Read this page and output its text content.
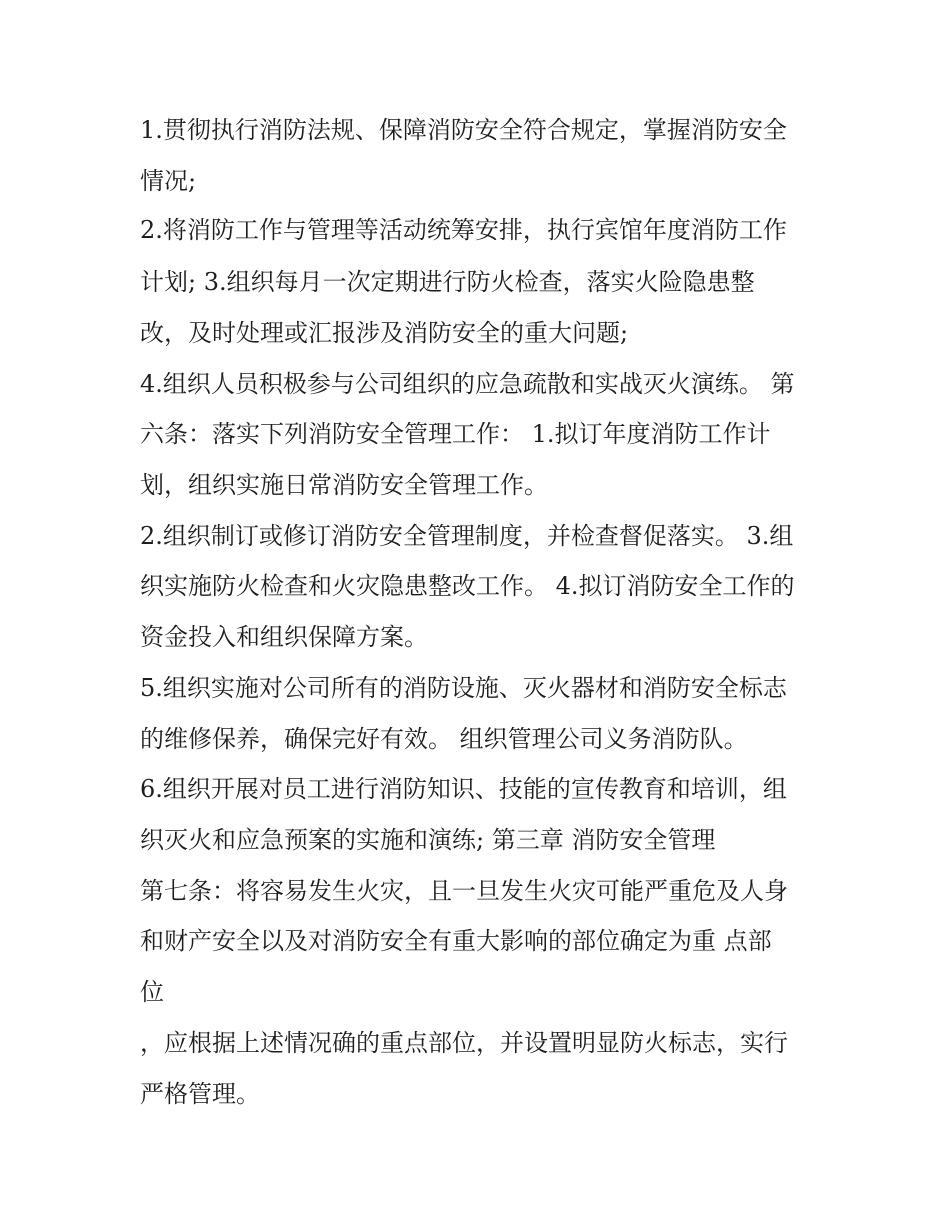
1.贯彻执行消防法规、保障消防安全符合规定，掌握消防安全
情况;
2.将消防工作与管理等活动统筹安排，执行宾馆年度消防工作
计划; 3.组织每月一次定期进行防火检查，落实火险隐患整
改，及时处理或汇报涉及消防安全的重大问题;
4.组织人员积极参与公司组织的应急疏散和实战灭火演练。 第
六条：落实下列消防安全管理工作： 1.拟订年度消防工作计
划，组织实施日常消防安全管理工作。
2.组织制订或修订消防安全管理制度，并检查督促落实。 3.组
织实施防火检查和火灾隐患整改工作。 4.拟订消防安全工作的
资金投入和组织保障方案。
5.组织实施对公司所有的消防设施、灭火器材和消防安全标志
的维修保养，确保完好有效。 组织管理公司义务消防队。
6.组织开展对员工进行消防知识、技能的宣传教育和培训，组
织灭火和应急预案的实施和演练; 第三章 消防安全管理
第七条：将容易发生火灾，且一旦发生火灾可能严重危及人身
和财产安全以及对消防安全有重大影响的部位确定为重 点部
位
，应根据上述情况确的重点部位，并设置明显防火标志，实行
严格管理。
